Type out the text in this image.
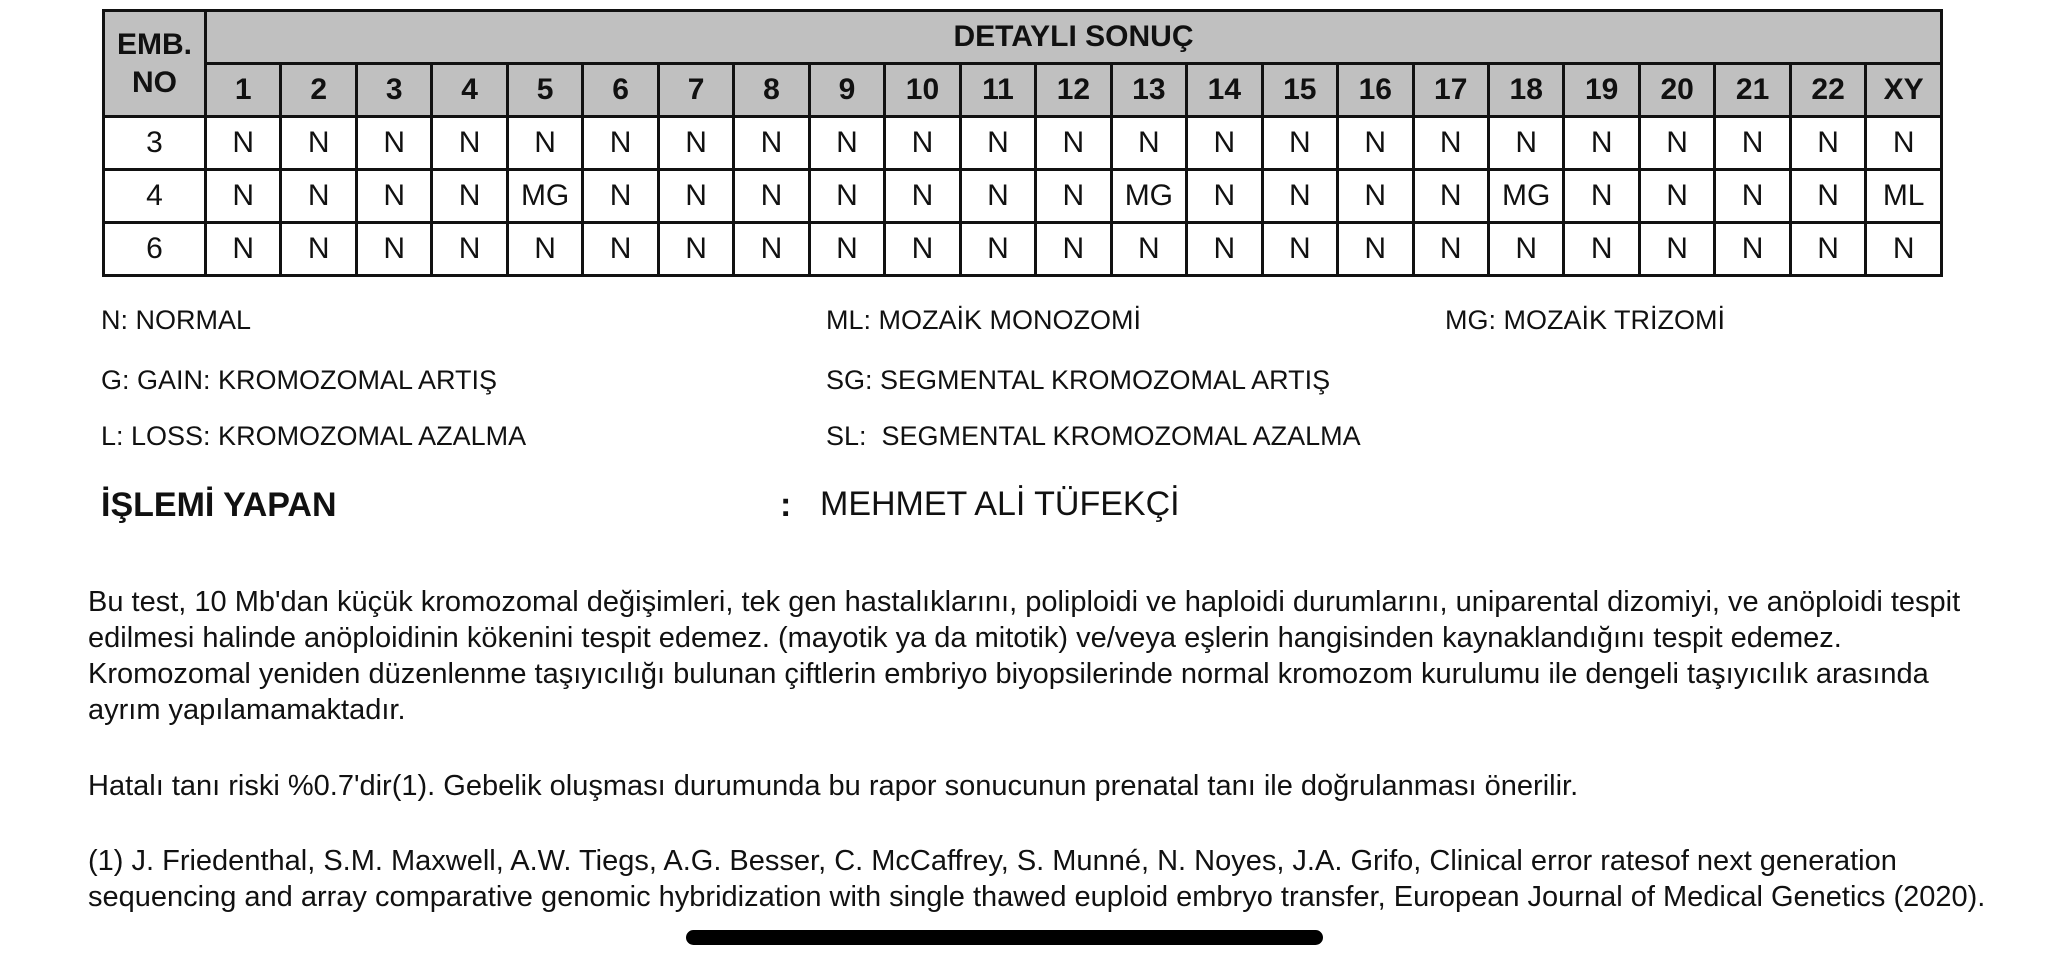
EMB.
NO	DETAYLI SONUÇ																						
	1	2	3	4	5	6	7	8	9	10	11	12	13	14	15	16	17	18	19	20	21	22	XY
3	N	N	N	N	N	N	N	N	N	N	N	N	N	N	N	N	N	N	N	N	N	N	N
4	N	N	N	N	MG	N	N	N	N	N	N	N	MG	N	N	N	N	MG	N	N	N	N	ML
6	N	N	N	N	N	N	N	N	N	N	N	N	N	N	N	N	N	N	N	N	N	N	N
N: NORMAL	ML: MOZAİK MONOZOMİ	MG: MOZAİK TRİZOMİ
G: GAIN: KROMOZOMAL ARTIŞ	SG: SEGMENTAL KROMOZOMAL ARTIŞ
L: LOSS: KROMOZOMAL AZALMA	SL:  SEGMENTAL KROMOZOMAL AZALMA
İŞLEMİ YAPAN	: MEHMET ALİ TÜFEKÇİ

Bu test, 10 Mb'dan küçük kromozomal değişimleri, tek gen hastalıklarını, poliploidi ve haploidi durumlarını, uniparental dizomiyi, ve anöploidi tespit edilmesi halinde anöploidinin kökenini tespit edemez. (mayotik ya da mitotik) ve/veya eşlerin hangisinden kaynaklandığını tespit edemez. Kromozomal yeniden düzenlenme taşıyıcılığı bulunan çiftlerin embriyo biyopsilerinde normal kromozom kurulumu ile dengeli taşıyıcılık arasında ayrım yapılamamaktadır.

Hatalı tanı riski %0.7'dir(1). Gebelik oluşması durumunda bu rapor sonucunun prenatal tanı ile doğrulanması önerilir.

(1) J. Friedenthal, S.M. Maxwell, A.W. Tiegs, A.G. Besser, C. McCaffrey, S. Munné, N. Noyes, J.A. Grifo, Clinical error ratesof next generation sequencing and array comparative genomic hybridization with single thawed euploid embryo transfer, European Journal of Medical Genetics (2020).
